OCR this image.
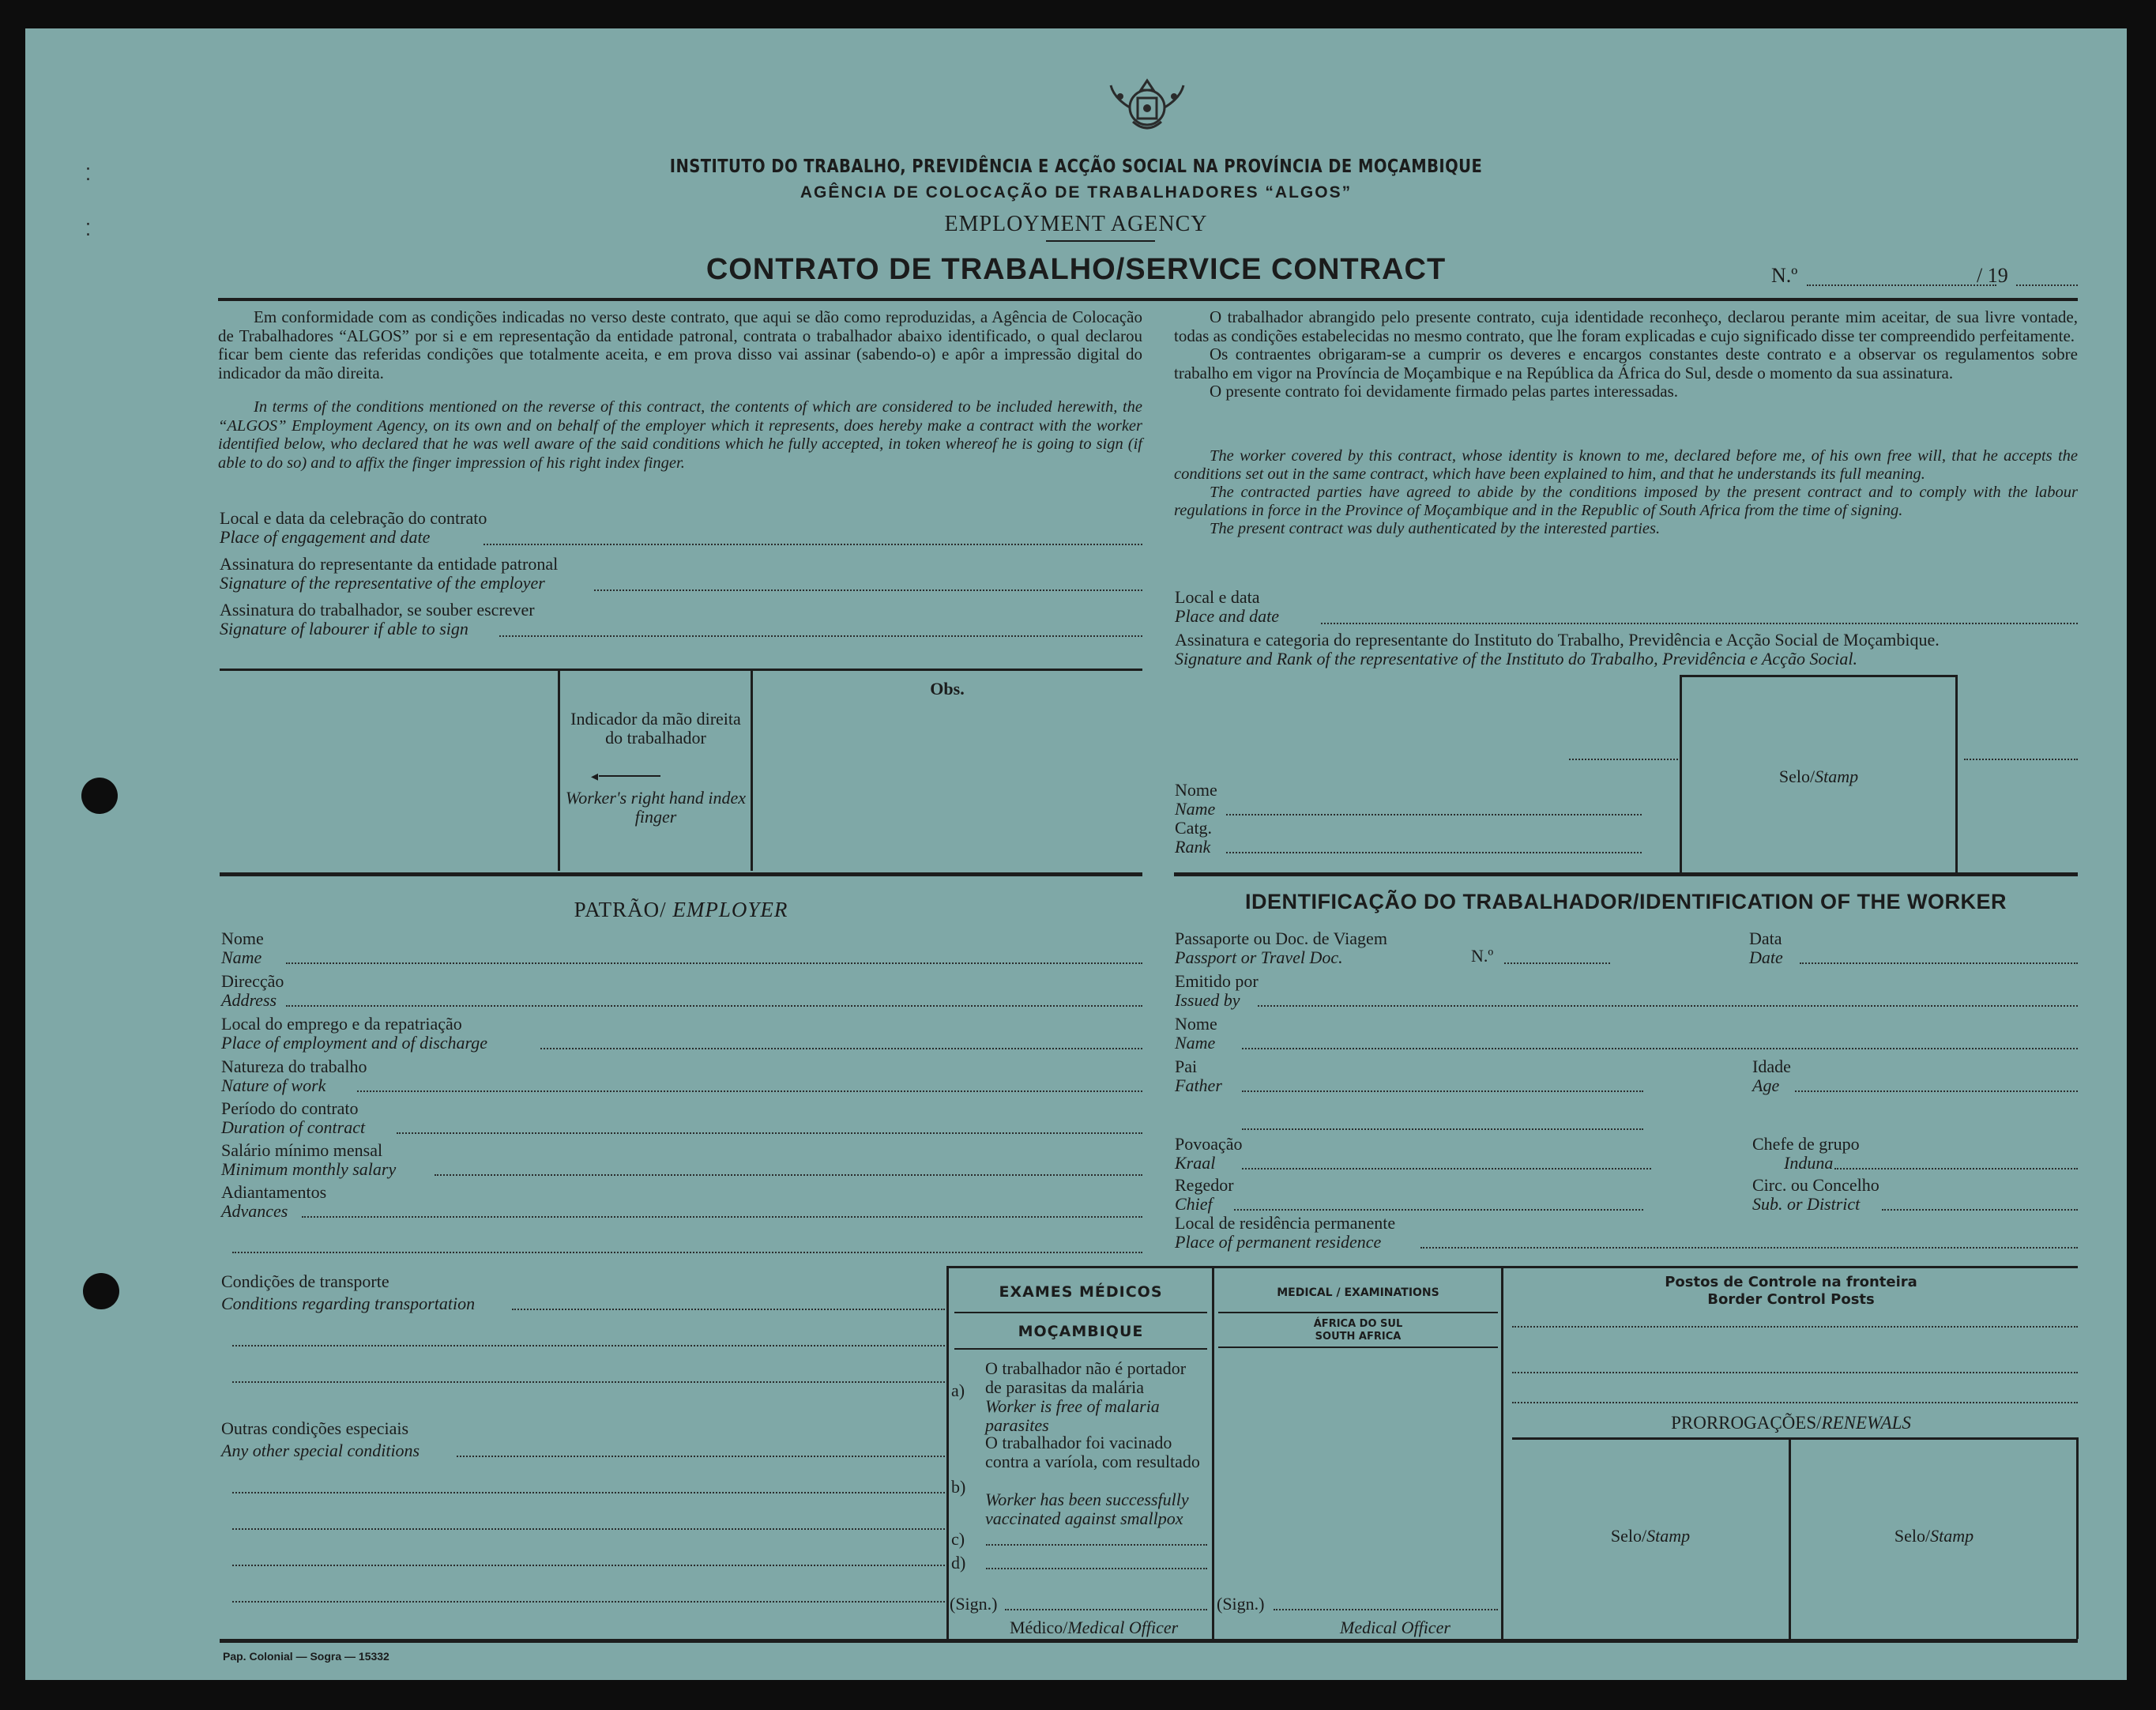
INSTITUTO DO TRABALHO, PREVIDÊNCIA E ACÇÃO SOCIAL NA PROVÍNCIA DE MOÇAMBIQUE
AGÊNCIA DE COLOCAÇÃO DE TRABALHADORES “ALGOS”
EMPLOYMENT AGENCY
CONTRATO DE TRABALHO/SERVICE CONTRACT	N.º	/ 19

Em conformidade com as condições indicadas no verso deste contrato, que aqui se dão como reproduzidas, a Agência de Colocação de Trabalhadores “ALGOS” por si e em representação da entidade patronal, contrata o trabalhador abaixo identificado, o qual declarou ficar bem ciente das referidas condições que totalmente aceita, e em prova disso vai assinar (sabendo-o) e apôr a impressão digital do indicador da mão direita.

In terms of the conditions mentioned on the reverse of this contract, the contents of which are considered to be included herewith, the “ALGOS” Employment Agency, on its own and on behalf of the employer which it represents, does hereby make a contract with the worker identified below, who declared that he was well aware of the said conditions which he fully accepted, in token whereof he is going to sign (if able to do so) and to affix the finger impression of his right index finger.

Local e data da celebração do contrato
Place of engagement and date
Assinatura do representante da entidade patronal
Signature of the representative of the employer
Assinatura do trabalhador, se souber escrever
Signature of labourer if able to sign
Indicador da mão direita do trabalhador
◂
Worker's right hand index finger
Obs.

O trabalhador abrangido pelo presente contrato, cuja identidade reconheço, declarou perante mim aceitar, de sua livre vontade, todas as condições estabelecidas no mesmo contrato, que lhe foram explicadas e cujo significado disse ter compreendido perfeitamente.

Os contraentes obrigaram-se a cumprir os deveres e encargos constantes deste contrato e a observar os regulamentos sobre trabalho em vigor na Província de Moçambique e na República da África do Sul, desde o momento da sua assinatura.

O presente contrato foi devidamente firmado pelas partes interessadas.

The worker covered by this contract, whose identity is known to me, declared before me, of his own free will, that he accepts the conditions set out in the same contract, which have been explained to him, and that he understands its full meaning.

The contracted parties have agreed to abide by the conditions imposed by the present contract and to comply with the labour regulations in force in the Province of Moçambique and in the Republic of South Africa from the time of signing.

The present contract was duly authenticated by the interested parties.

Local e data
Place and date
Assinatura e categoria do representante do Instituto do Trabalho, Previdência e Acção Social de Moçambique.
Signature and Rank of the representative of the Instituto do Trabalho, Previdência e Acção Social.
Nome
Name
Catg.
Rank
Selo/Stamp
PATRÃO/ EMPLOYER
Nome
Name
Direcção
Address
Local do emprego e da repatriação
Place of employment and of discharge
Natureza do trabalho
Nature of work
Período do contrato
Duration of contract
Salário mínimo mensal
Minimum monthly salary
Adiantamentos
Advances
IDENTIFICAÇÃO DO TRABALHADOR/IDENTIFICATION OF THE WORKER
Passaporte ou Doc. de Viagem
Passport or Travel Doc.	N.º
Data
Date
Emitido por
Issued by
Nome
Name
Pai
Father
Idade
Age
Povoação
Kraal
Chefe de grupo
Induna
Regedor
Chief
Circ. ou Concelho
Sub. or District
Local de residência permanente
Place of permanent residence
Condições de transporte
Conditions regarding transportation
Outras condições especiais
Any other special conditions
EXAMES MÉDICOS
MOÇAMBIQUE
a)
O trabalhador não é portador de parasitas da malária
Worker is free of malaria parasites
b)
O trabalhador foi vacinado contra a varíola, com resultado
Worker has been successfully vaccinated against smallpox
c)
d)
(Sign.)
Médico/Medical Officer
MEDICAL / EXAMINATIONS
ÁFRICA DO SUL
SOUTH AFRICA
(Sign.)
Medical Officer
Postos de Controle na fronteira
Border Control Posts
PRORROGAÇÕES/RENEWALS
Selo/Stamp	Selo/Stamp
Pap. Colonial — Sogra — 15332
⁚
⁚
